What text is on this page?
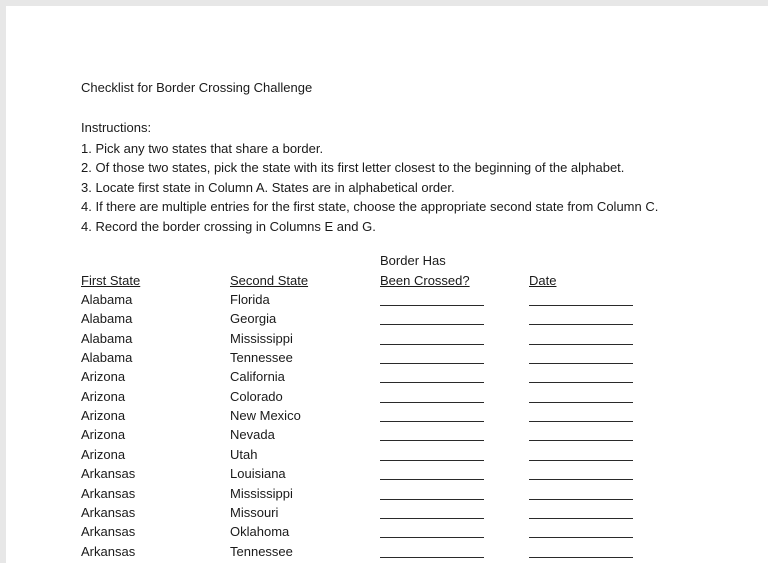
Checklist for Border Crossing Challenge
Instructions:
1. Pick any two states that share a border.
2. Of those two states, pick the state with its first letter closest to the beginning of the alphabet.
3. Locate first state in Column A. States are in alphabetical order.
4. If there are multiple entries for the first state, choose the appropriate second state from Column C.
4. Record the border crossing in Columns E and G.
Border Has
First State	Second State	Been Crossed?	Date
Alabama	Florida
Alabama	Georgia
Alabama	Mississippi
Alabama	Tennessee
Arizona	California
Arizona	Colorado
Arizona	New Mexico
Arizona	Nevada
Arizona	Utah
Arkansas	Louisiana
Arkansas	Mississippi
Arkansas	Missouri
Arkansas	Oklahoma
Arkansas	Tennessee
